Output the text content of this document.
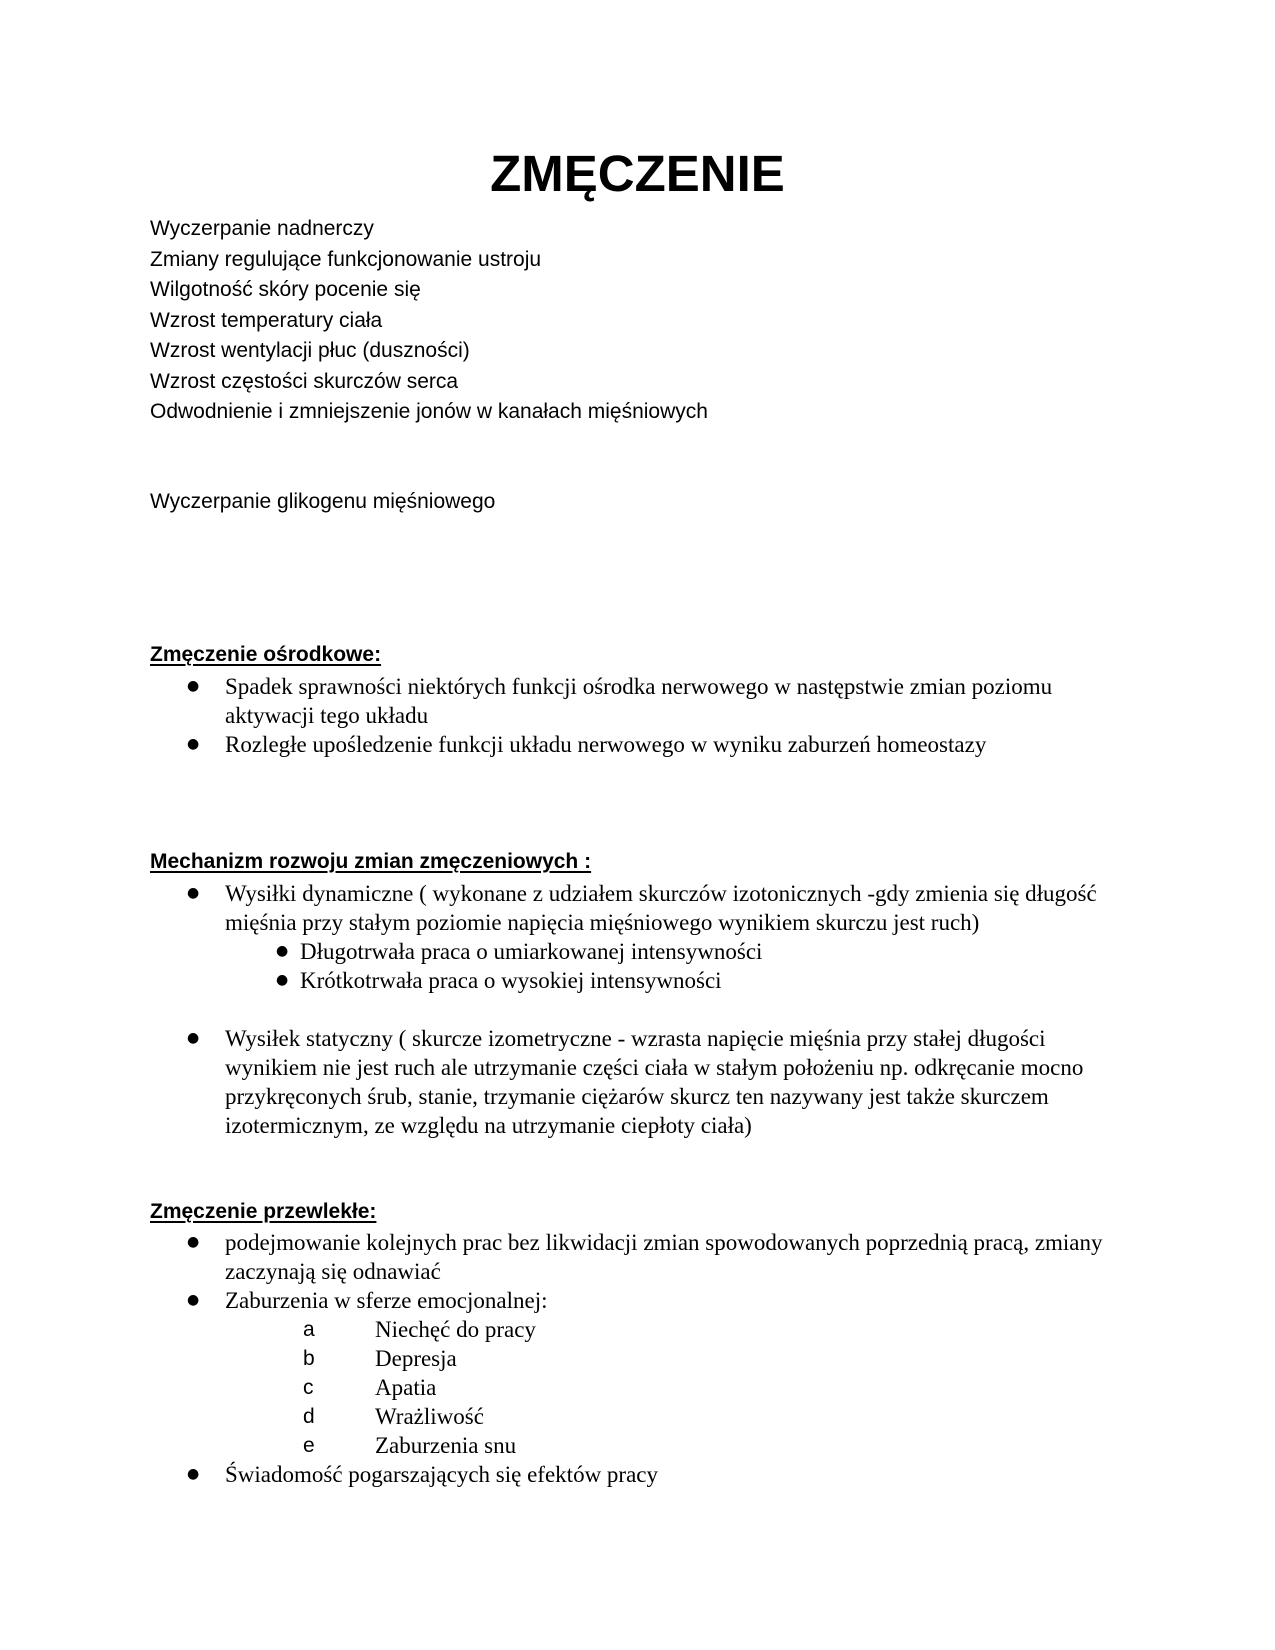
ZMĘCZENIE
Wyczerpanie nadnerczy
Zmiany regulujące funkcjonowanie ustroju
Wilgotność skóry pocenie się
Wzrost temperatury ciała
Wzrost wentylacji płuc (duszności)
Wzrost częstości skurczów serca
Odwodnienie i zmniejszenie jonów w kanałach mięśniowych

Wyczerpanie glikogenu mięśniowego

Zmęczenie ośrodkowe:
● Spadek sprawności niektórych funkcji ośrodka nerwowego w następstwie zmian poziomu aktywacji tego układu
● Rozległe upośledzenie funkcji układu nerwowego w wyniku zaburzeń homeostazy
Mechanizm rozwoju zmian zmęczeniowych :
● Wysiłki dynamiczne ( wykonane z udziałem skurczów izotonicznych -gdy zmienia się długość mięśnia przy stałym poziomie napięcia mięśniowego wynikiem skurczu jest ruch)
● Długotrwała praca o umiarkowanej intensywności
● Krótkotrwała praca o wysokiej intensywności
● Wysiłek statyczny ( skurcze izometryczne - wzrasta napięcie mięśnia przy stałej długości wynikiem nie jest ruch ale utrzymanie części ciała w stałym położeniu np. odkręcanie mocno przykręconych śrub, stanie, trzymanie ciężarów skurcz ten nazywany jest także skurczem izotermicznym, ze względu na utrzymanie ciepłoty ciała)
Zmęczenie przewlekłe:
● podejmowanie kolejnych prac bez likwidacji zmian spowodowanych poprzednią pracą, zmiany zaczynają się odnawiać
● Zaburzenia w sferze emocjonalnej:
a	Niechęć do pracy
b	Depresja
c	Apatia
d	Wrażliwość
e	Zaburzenia snu
● Świadomość pogarszających się efektów pracy
